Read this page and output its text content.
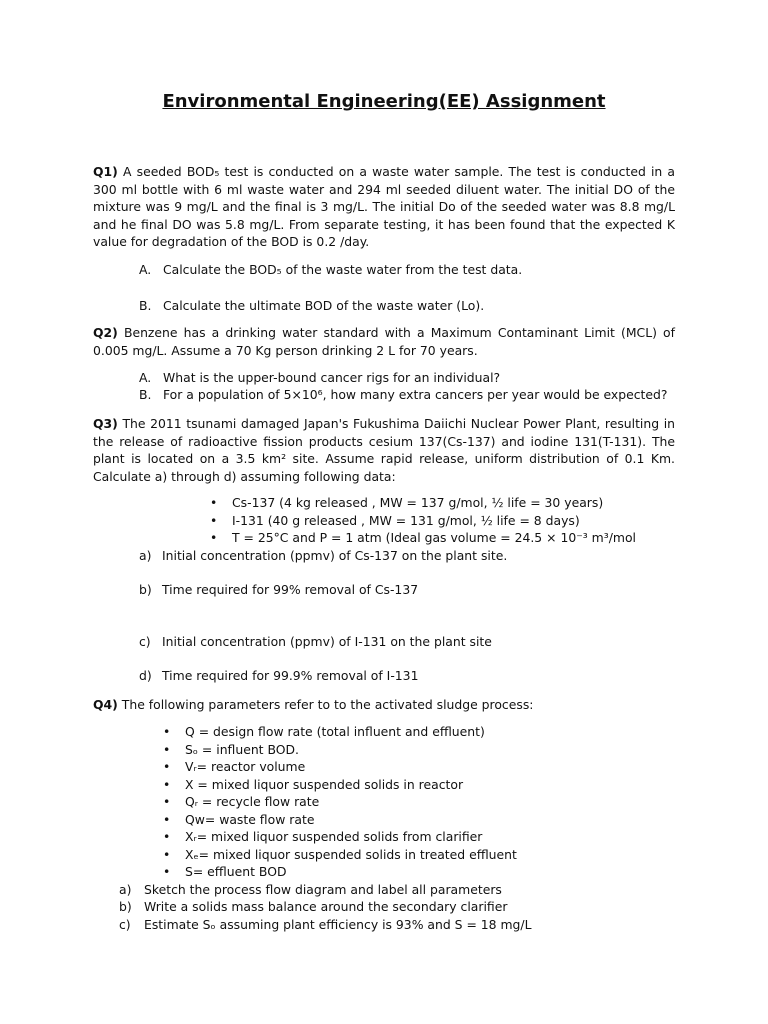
Environmental Engineering(EE) Assignment
Q1) A seeded BOD₅ test is conducted on a waste water sample. The test is conducted in a 300 ml bottle with 6 ml waste water and 294 ml seeded diluent water. The initial DO of the mixture was 9 mg/L and the final is 3 mg/L. The initial Do of the seeded water was 8.8 mg/L and he final DO was 5.8 mg/L. From separate testing, it has been found that the expected K value for degradation of the BOD is 0.2 /day.
A. Calculate the BOD₅ of the waste water from the test data.
B. Calculate the ultimate BOD of the waste water (Lo).
Q2) Benzene has a drinking water standard with a Maximum Contaminant Limit (MCL) of 0.005 mg/L. Assume a 70 Kg person drinking 2 L for 70 years.
A. What is the upper-bound cancer rigs for an individual?
B. For a population of 5×10⁶, how many extra cancers per year would be expected?
Q3) The 2011 tsunami damaged Japan's Fukushima Daiichi Nuclear Power Plant, resulting in the release of radioactive fission products cesium 137(Cs-137) and iodine 131(T-131). The plant is located on a 3.5 km² site. Assume rapid release, uniform distribution of 0.1 Km. Calculate a) through d) assuming following data:
• Cs-137 (4 kg released , MW = 137 g/mol, ½ life = 30 years)
• I-131 (40 g released , MW = 131 g/mol, ½ life = 8 days)
• T = 25°C and P = 1 atm (Ideal gas volume = 24.5 × 10⁻³ m³/mol
a) Initial concentration (ppmv) of Cs-137 on the plant site.
b) Time required for 99% removal of Cs-137
c) Initial concentration (ppmv) of I-131 on the plant site
d) Time required for 99.9% removal of I-131
Q4) The following parameters refer to to the activated sludge process:
• Q = design flow rate (total influent and effluent)
• Sₒ = influent BOD.
• Vᵣ= reactor volume
• X = mixed liquor suspended solids in reactor
• Qᵣ = recycle flow rate
• Qw= waste flow rate
• Xᵣ= mixed liquor suspended solids from clarifier
• Xₑ= mixed liquor suspended solids in treated effluent
• S= effluent BOD
a) Sketch the process flow diagram and label all parameters
b) Write a solids mass balance around the secondary clarifier
c) Estimate Sₒ assuming plant efficiency is 93% and S = 18 mg/L
